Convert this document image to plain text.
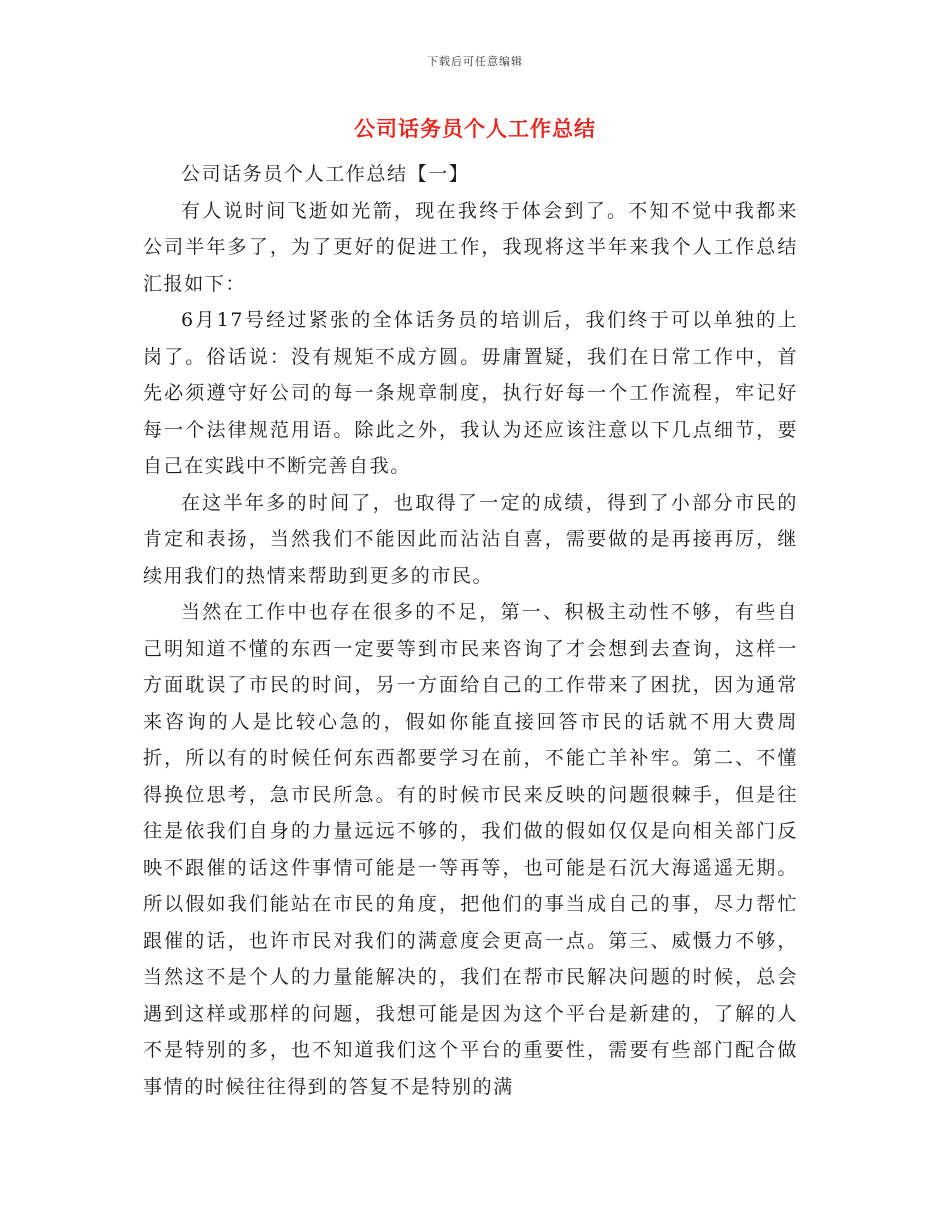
下载后可任意编辑
公司话务员个人工作总结

公司话务员个人工作总结【一】

有人说时间飞逝如光箭，现在我终于体会到了。不知不觉中我都来公司半年多了，为了更好的促进工作，我现将这半年来我个人工作总结汇报如下：

6月17号经过紧张的全体话务员的培训后，我们终于可以单独的上岗了。俗话说：没有规矩不成方圆。毋庸置疑，我们在日常工作中，首先必须遵守好公司的每一条规章制度，执行好每一个工作流程，牢记好每一个法律规范用语。除此之外，我认为还应该注意以下几点细节，要自己在实践中不断完善自我。

在这半年多的时间了，也取得了一定的成绩，得到了小部分市民的肯定和表扬，当然我们不能因此而沾沾自喜，需要做的是再接再厉，继续用我们的热情来帮助到更多的市民。

当然在工作中也存在很多的不足，第一、积极主动性不够，有些自己明知道不懂的东西一定要等到市民来咨询了才会想到去查询，这样一方面耽误了市民的时间，另一方面给自己的工作带来了困扰，因为通常来咨询的人是比较心急的，假如你能直接回答市民的话就不用大费周折，所以有的时候任何东西都要学习在前，不能亡羊补牢。第二、不懂得换位思考，急市民所急。有的时候市民来反映的问题很棘手，但是往往是依我们自身的力量远远不够的，我们做的假如仅仅是向相关部门反映不跟催的话这件事情可能是一等再等，也可能是石沉大海遥遥无期。所以假如我们能站在市民的角度，把他们的事当成自己的事，尽力帮忙跟催的话，也许市民对我们的满意度会更高一点。第三、威慑力不够，当然这不是个人的力量能解决的，我们在帮市民解决问题的时候，总会遇到这样或那样的问题，我想可能是因为这个平台是新建的，了解的人不是特别的多，也不知道我们这个平台的重要性，需要有些部门配合做事情的时候往往得到的答复不是特别的满
